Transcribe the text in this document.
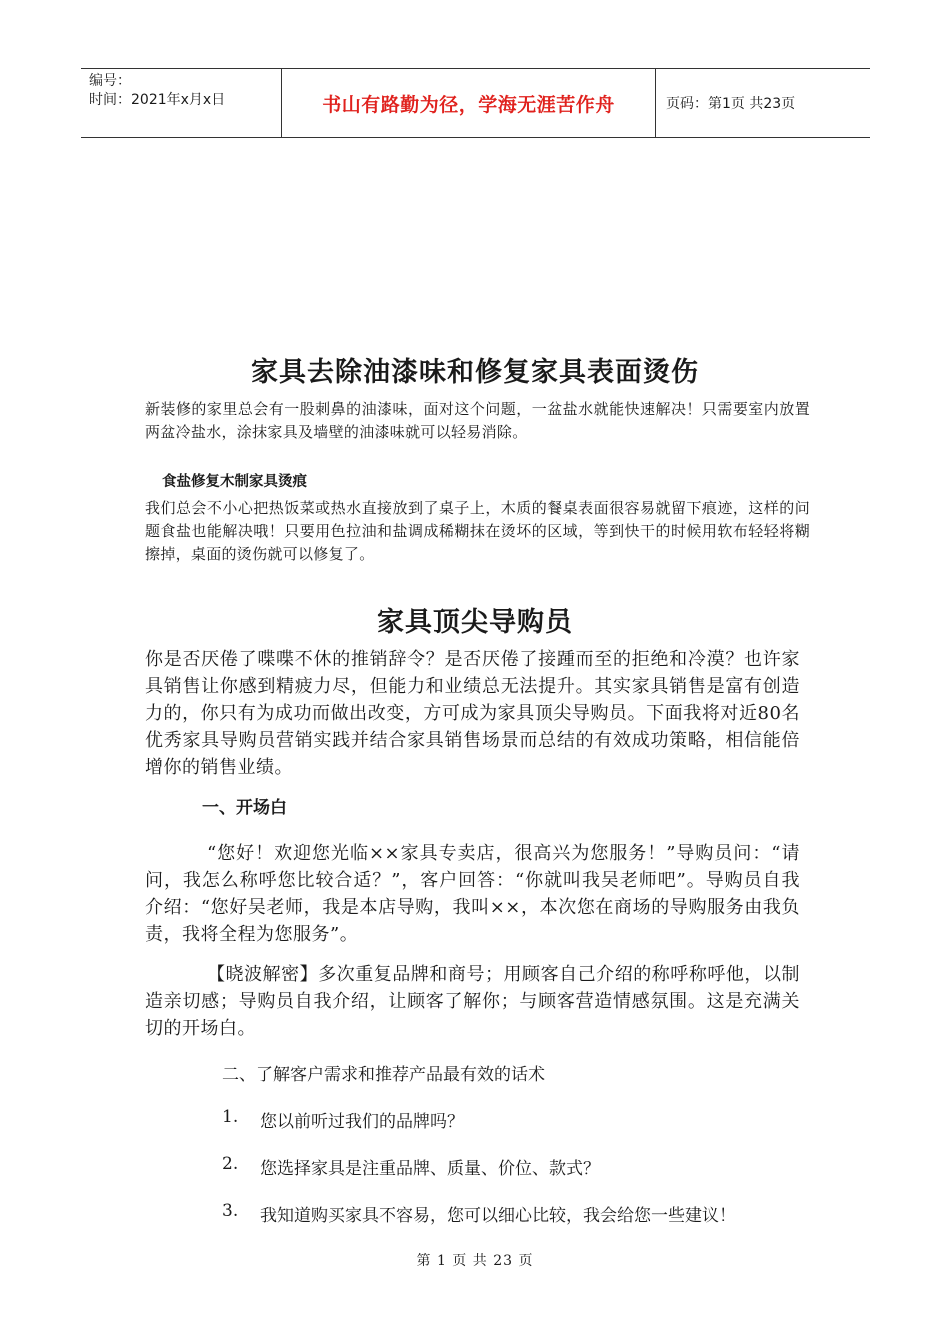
编号：
时间：2021年x月x日	书山有路勤为径，学海无涯苦作舟	页码：第1页 共23页
家具去除油漆味和修复家具表面烫伤

新装修的家里总会有一股刺鼻的油漆味，面对这个问题，一盆盐水就能快速解决！只需要室内放置两盆冷盐水，涂抹家具及墙壁的油漆味就可以轻易消除。

食盐修复木制家具烫痕

我们总会不小心把热饭菜或热水直接放到了桌子上，木质的餐桌表面很容易就留下痕迹，这样的问题食盐也能解决哦！只要用色拉油和盐调成稀糊抹在烫坏的区域，等到快干的时候用软布轻轻将糊擦掉，桌面的烫伤就可以修复了。

家具顶尖导购员

你是否厌倦了喋喋不休的推销辞令？是否厌倦了接踵而至的拒绝和冷漠？也许家具销售让你感到精疲力尽，但能力和业绩总无法提升。其实家具销售是富有创造力的，你只有为成功而做出改变，方可成为家具顶尖导购员。下面我将对近80名优秀家具导购员营销实践并结合家具销售场景而总结的有效成功策略，相信能倍增你的销售业绩。

一、开场白

“您好！欢迎您光临××家具专卖店，很高兴为您服务！”导购员问：“请问，我怎么称呼您比较合适？”，客户回答：“你就叫我吴老师吧”。导购员自我介绍：“您好吴老师，我是本店导购，我叫××，本次您在商场的导购服务由我负责，我将全程为您服务”。

【晓波解密】多次重复品牌和商号；用顾客自己介绍的称呼称呼他，以制造亲切感；导购员自我介绍，让顾客了解你；与顾客营造情感氛围。这是充满关切的开场白。

二、了解客户需求和推荐产品最有效的话术
1.	您以前听过我们的品牌吗？
2.	您选择家具是注重品牌、质量、价位、款式？
3.	我知道购买家具不容易，您可以细心比较，我会给您一些建议！
第 1 页 共 23 页
